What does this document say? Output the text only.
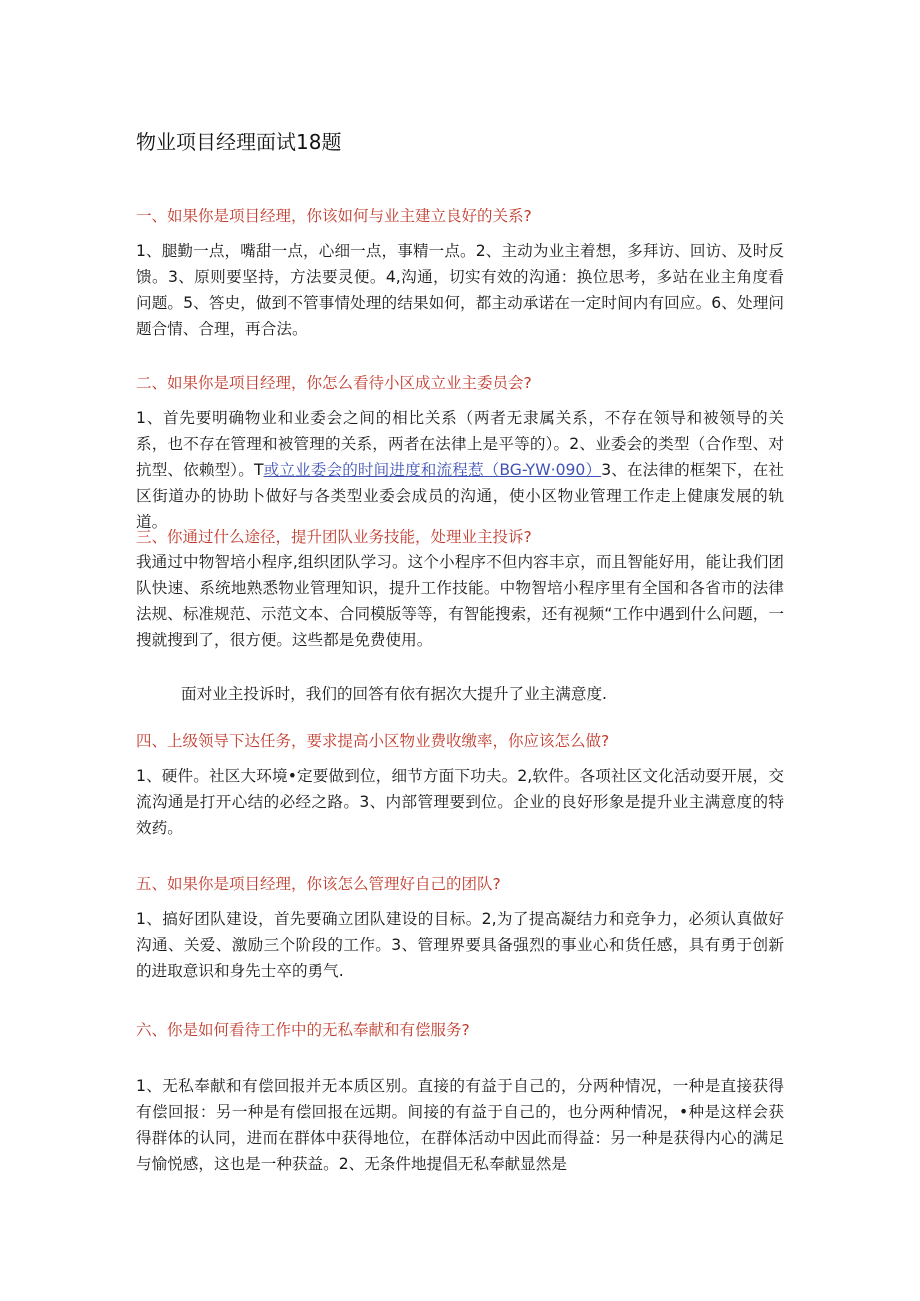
物业项目经理面试18题
一、如果你是项目经理，你该如何与业主建立良好的关系?
1、腿勤一点，嘴甜一点，心细一点，事精一点。2、主动为业主着想，多拜访、回访、及时反馈。3、原则要坚持，方法要灵便。4,沟通，切实有效的沟通：换位思考，多站在业主角度看问题。5、答史，做到不管事情处理的结果如何，都主动承诺在一定时间内有回应。6、处理问题合情、合理，再合法。
二、如果你是项目经理，你怎么看待小区成立业主委员会?
1、首先要明确物业和业委会之间的相比关系（两者无隶属关系，不存在领导和被领导的关系，也不存在管理和被管理的关系，两者在法律上是平等的）。2、业委会的类型（合作型、对抗型、依赖型）。T或立业委会的时间进度和流程惹（BG-YW·090）3、在法律的框架下，在社区街道办的协助卜做好与各类型业委会成员的沟通，使小区物业管理工作走上健康发展的轨道。
三、你通过什么途径，提升团队业务技能，处理业主投诉?
我通过中物智培小程序,组织团队学习。这个小程序不但内容丰京，而且智能好用，能让我们团队快速、系统地熟悉物业管理知识，提升工作技能。中物智培小程序里有全国和各省市的法律法规、标准规范、示范文本、合同模版等等，有智能搜索，还有视频“工作中遇到什么问题，一搜就搜到了，很方便。这些都是免费使用。
面对业主投诉时，我们的回答有依有据次大提升了业主满意度.
四、上级领导下达任务，要求提高小区物业费收缴率，你应该怎么做?
1、硬件。社区大环境•定要做到位，细节方面下功夫。2,软件。各项社区文化活动耍开展，交流沟通是打开心结的必经之路。3、内部管理要到位。企业的良好形象是提升业主满意度的特效药。
五、如果你是项目经理，你该怎么管理好自己的团队?
1、搞好团队建设，首先要确立团队建设的目标。2,为了提高凝结力和竞争力，必须认真做好沟通、关爱、激励三个阶段的工作。3、管理界要具备强烈的事业心和货任感，具有勇于创新的进取意识和身先士卒的勇气.
六、你是如何看待工作中的无私奉献和有偿服务?
1、无私奉献和有偿回报并无本质区别。直接的有益于自己的，分两种情况，一种是直接获得有偿回报：另一种是有偿回报在远期。间接的有益于自己的，也分两种情况，•种是这样会获得群体的认同，进而在群体中获得地位，在群体活动中因此而得益：另一种是获得内心的满足与愉悦感，这也是一种获益。2、无条件地提倡无私奉献显然是
